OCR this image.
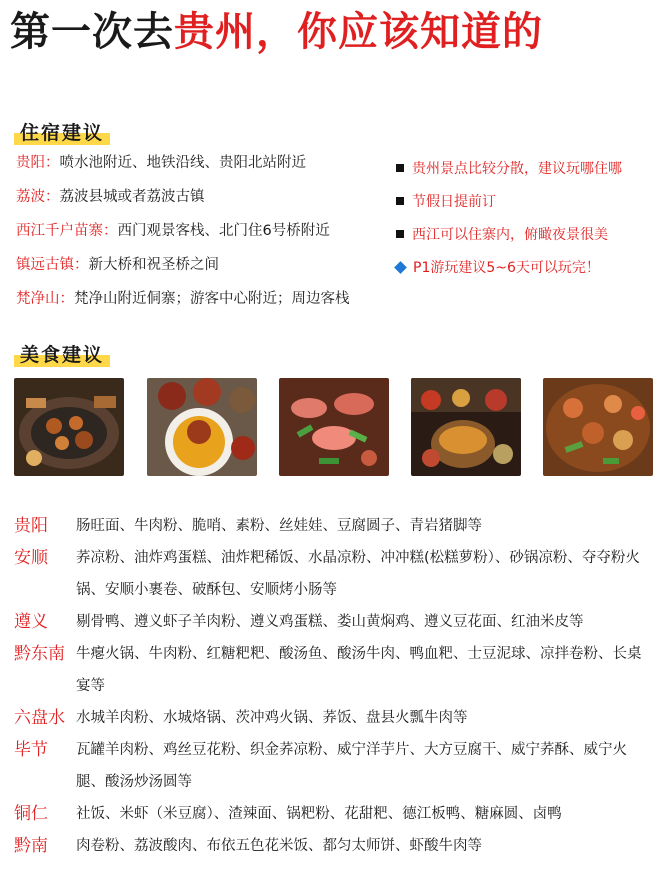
第一次去贵州，你应该知道的
住宿建议
贵阳：喷水池附近、地铁沿线、贵阳北站附近
荔波：荔波县城或者荔波古镇
西江千户苗寨：西门观景客栈、北门住6号桥附近
镇远古镇：新大桥和祝圣桥之间
梵净山：梵净山附近侗寨；游客中心附近；周边客栈
贵州景点比较分散，建议玩哪住哪
节假日提前订
西江可以住寨内，俯瞰夜景很美
P1游玩建议5~6天可以玩完！
美食建议
贵阳 肠旺面、牛肉粉、脆哨、素粉、丝娃娃、豆腐圆子、青岩猪脚等
安顺 荞凉粉、油炸鸡蛋糕、油炸粑稀饭、水晶凉粉、冲冲糕(松糕萝粉）、砂锅凉粉、夺夺粉火锅、安顺小裹卷、破酥包、安顺烤小肠等
遵义 剔骨鸭、遵义虾子羊肉粉、遵义鸡蛋糕、娄山黄焖鸡、遵义豆花面、红油米皮等
黔东南 牛瘪火锅、牛肉粉、红糖粑粑、酸汤鱼、酸汤牛肉、鸭血粑、士豆泥球、凉拌卷粉、长桌宴等
六盘水 水城羊肉粉、水城烙锅、茨冲鸡火锅、荞饭、盘县火瓢牛肉等
毕节 瓦罐羊肉粉、鸡丝豆花粉、织金荞凉粉、威宁洋芋片、大方豆腐干、威宁荞酥、威宁火腿、酸汤炒汤圆等
铜仁 社饭、米虾（米豆腐）、渣辣面、锅粑粉、花甜粑、德江板鸭、糖麻圆、卤鸭
黔南 肉卷粉、荔波酸肉、布依五色花米饭、都匀太师饼、虾酸牛肉等
